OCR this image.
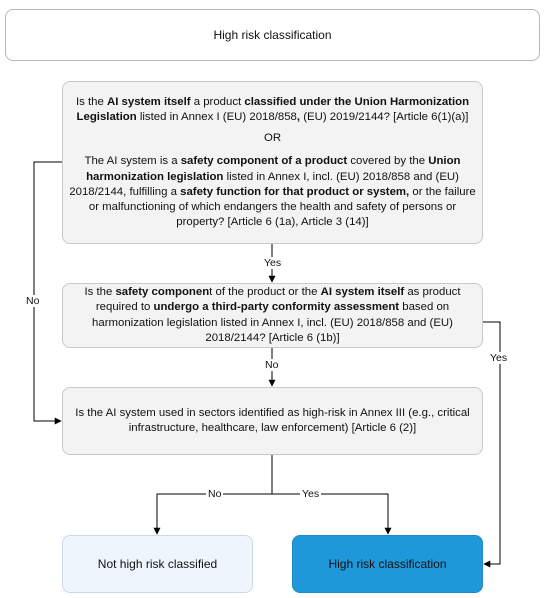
High risk classification

Is the AI system itself a product classified under the Union Harmonization Legislation listed in Annex I (EU) 2018/858, (EU) 2019/2144? [Article 6(1)(a)]

OR

The AI system is a safety component of a product covered by the Union harmonization legislation listed in Annex I, incl. (EU) 2018/858 and (EU) 2018/2144, fulfilling a safety function for that product or system, or the failure or malfunctioning of which endangers the health and safety of persons or property? [Article 6 (1a), Article 3 (14)]

Is the safety component of the product or the AI system itself as product required to undergo a third-party conformity assessment based on harmonization legislation listed in Annex I, incl. (EU) 2018/858 and (EU) 2018/2144? [Article 6 (1b)]
Is the AI system used in sectors identified as high-risk in Annex III (e.g., critical infrastructure, healthcare, law enforcement) [Article 6 (2)]
Not high risk classified	High risk classification
Yes
No
No
Yes
No	Yes
